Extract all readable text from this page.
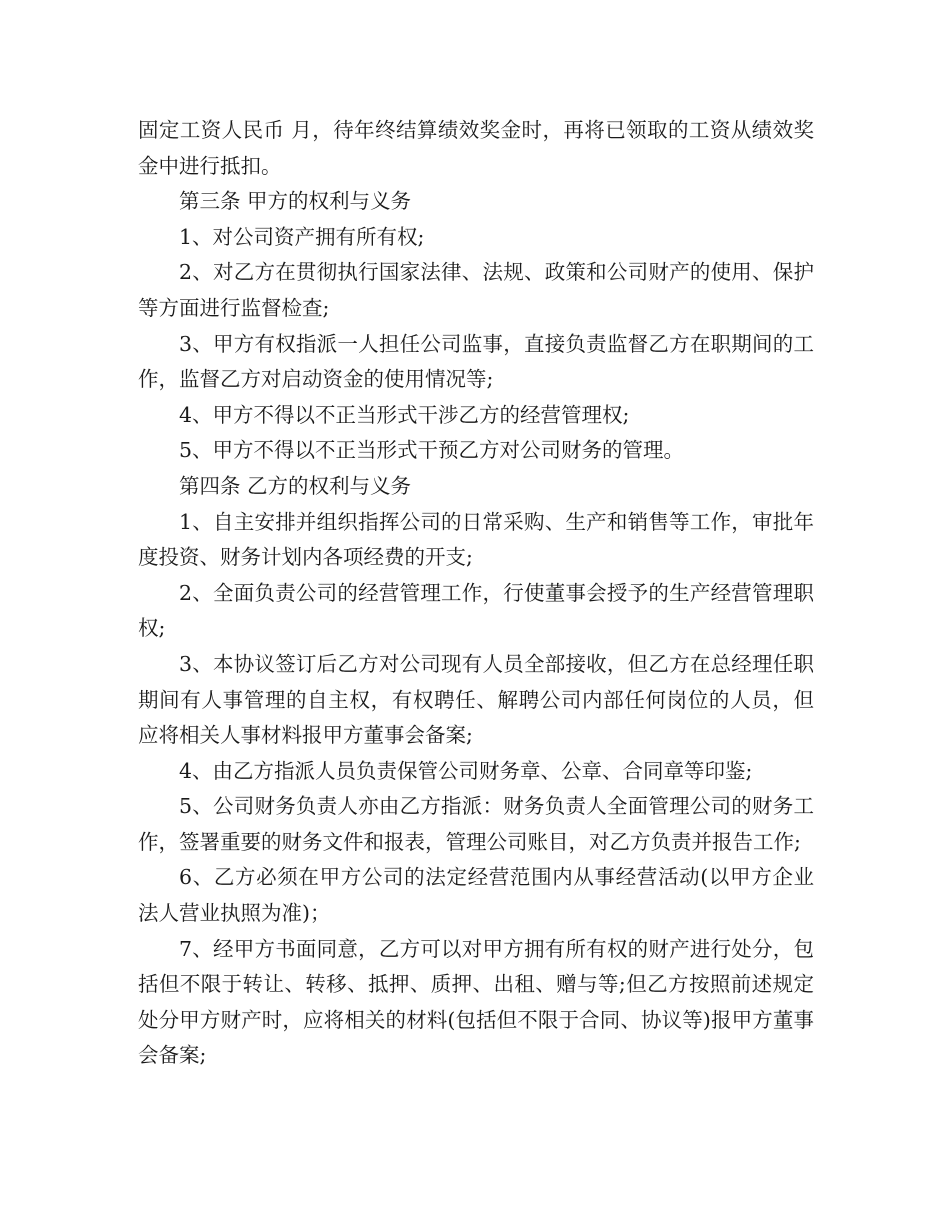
固定工资人民币 月，待年终结算绩效奖金时，再将已领取的工资从绩效奖金中进行抵扣。

第三条 甲方的权利与义务

1、对公司资产拥有所有权;

2、对乙方在贯彻执行国家法律、法规、政策和公司财产的使用、保护等方面进行监督检查;

3、甲方有权指派一人担任公司监事，直接负责监督乙方在职期间的工作，监督乙方对启动资金的使用情况等;

4、甲方不得以不正当形式干涉乙方的经营管理权;

5、甲方不得以不正当形式干预乙方对公司财务的管理。

第四条 乙方的权利与义务

1、自主安排并组织指挥公司的日常采购、生产和销售等工作，审批年度投资、财务计划内各项经费的开支;

2、全面负责公司的经营管理工作，行使董事会授予的生产经营管理职权;

3、本协议签订后乙方对公司现有人员全部接收，但乙方在总经理任职期间有人事管理的自主权，有权聘任、解聘公司内部任何岗位的人员，但应将相关人事材料报甲方董事会备案;

4、由乙方指派人员负责保管公司财务章、公章、合同章等印鉴;

5、公司财务负责人亦由乙方指派：财务负责人全面管理公司的财务工作，签署重要的财务文件和报表，管理公司账目，对乙方负责并报告工作;

6、乙方必须在甲方公司的法定经营范围内从事经营活动(以甲方企业法人营业执照为准)；

7、经甲方书面同意，乙方可以对甲方拥有所有权的财产进行处分，包括但不限于转让、转移、抵押、质押、出租、赠与等;但乙方按照前述规定处分甲方财产时，应将相关的材料(包括但不限于合同、协议等)报甲方董事会备案;
